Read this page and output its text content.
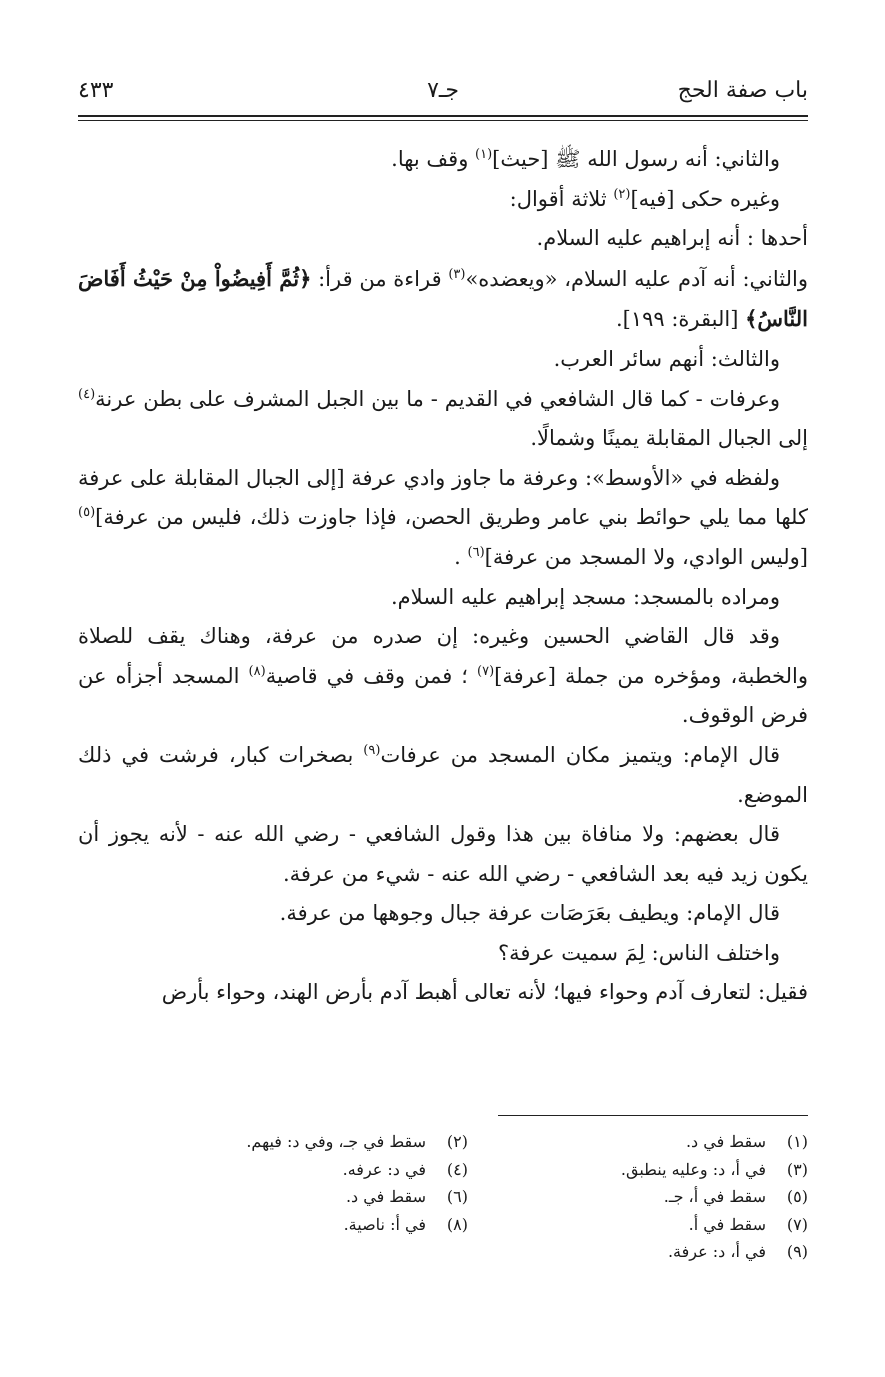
باب صفة الحج
جـ٧
٤٣٣

والثاني: أنه رسول الله ﷺ [حيث]$^{(١)}$ وقف بها.

وغيره حكى [فيه]$^{(٢)}$ ثلاثة أقوال:

أحدها : أنه إبراهيم عليه السلام.

والثاني: أنه آدم عليه السلام، «ويعضده»$^{(٣)}$ قراءة من قرأ: ﴿ثُمَّ أَفِيضُواْ مِنْ حَيْثُ أَفَاضَ النَّاسُ﴾ [البقرة: ١٩٩].

والثالث: أنهم سائر العرب.

وعرفات - كما قال الشافعي في القديم - ما بين الجبل المشرف على بطن عرنة$^{(٤)}$ إلى الجبال المقابلة يمينًا وشمالًا.

ولفظه في «الأوسط»: وعرفة ما جاوز وادي عرفة [إلى الجبال المقابلة على عرفة كلها مما يلي حوائط بني عامر وطريق الحصن، فإذا جاوزت ذلك، فليس من عرفة]$^{(٥)}$ [وليس الوادي، ولا المسجد من عرفة]$^{(٦)}$ .

ومراده بالمسجد: مسجد إبراهيم عليه السلام.

وقد قال القاضي الحسين وغيره: إن صدره من عرفة، وهناك يقف للصلاة والخطبة، ومؤخره من جملة [عرفة]$^{(٧)}$ ؛ فمن وقف في قاصية$^{(٨)}$ المسجد أجزأه عن فرض الوقوف.

قال الإمام: ويتميز مكان المسجد من عرفات$^{(٩)}$ بصخرات كبار، فرشت في ذلك الموضع.

قال بعضهم: ولا منافاة بين هذا وقول الشافعي - رضي الله عنه - لأنه يجوز أن يكون زيد فيه بعد الشافعي - رضي الله عنه - شيء من عرفة.

قال الإمام: ويطيف بعَرَصَات عرفة جبال وجوهها من عرفة.

واختلف الناس: لِمَ سميت عرفة؟

فقيل: لتعارف آدم وحواء فيها؛ لأنه تعالى أهبط آدم بأرض الهند، وحواء بأرض

(١)سقط في د.
(٢)سقط في جـ، وفي د: فيهم.
(٣)في أ، د: وعليه ينطبق.
(٤)في د: عرفه.
(٥)سقط في أ، جـ.
(٦)سقط في د.
(٧)سقط في أ.
(٨)في أ: ناصية.
(٩)في أ، د: عرفة.
